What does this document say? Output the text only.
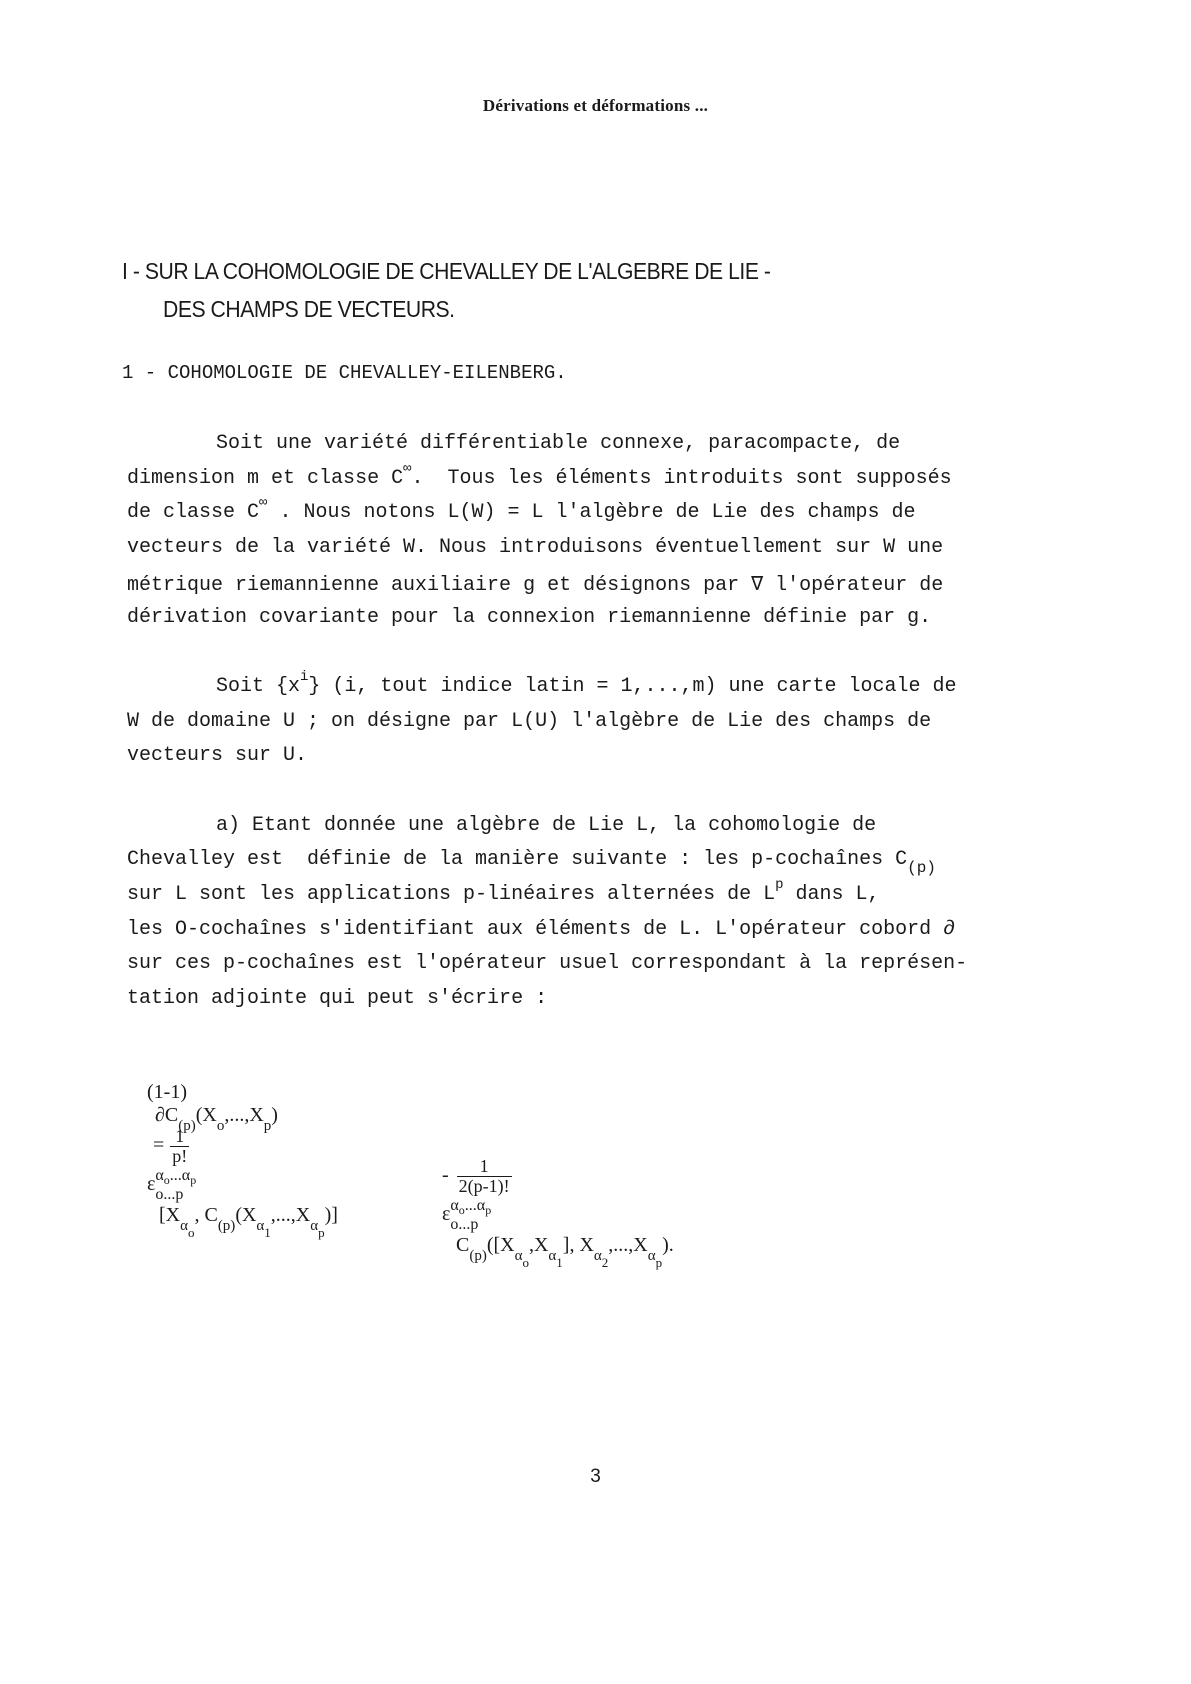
Dérivations et déformations ...
I - SUR LA COHOMOLOGIE DE CHEVALLEY DE L'ALGEBRE DE LIE -
DES CHAMPS DE VECTEURS.
1 - COHOMOLOGIE DE CHEVALLEY-EILENBERG.
Soit une variété différentiable connexe, paracompacte, de
dimension m et classe C∞.  Tous les éléments introduits sont supposés
de classe C∞ . Nous notons L(W) = L l'algèbre de Lie des champs de
vecteurs de la variété W. Nous introduisons éventuellement sur W une
métrique riemannienne auxiliaire g et désignons par ∇ l'opérateur de
dérivation covariante pour la connexion riemannienne définie par g.
Soit $\{x^i\}$ (i, tout indice latin = 1,...,m) une carte locale de
W de domaine U ; on désigne par L(U) l'algèbre de Lie des champs de
vecteurs sur U.
a) Etant donnée une algèbre de Lie L, la cohomologie de
Chevalley est  définie de la manière suivante : les p-cochaînes $C_{(p)}$
sur L sont les applications p-linéaires alternées de $L^p$ dans L,
les O-cochaînes s'identifiant aux éléments de L. L'opérateur cobord ∂
sur ces p-cochaînes est l'opérateur usuel correspondant à la représen-
tation adjointe qui peut s'écrire :

(1-1)
$\partial C_{(p)}(X_o,...,X_p)$
= $\frac{1}{p!}$

ε $\alpha_o...\alpha_p$
o...p

[$X_{\alpha o}$, $C_{(p)}(X_{\alpha 1},...,X_{\alpha p})$]

- $\frac{1}{2(p-1)!}$

ε $\alpha_o...\alpha_p$
o...p

$C_{(p)}([X_{\alpha o},X_{\alpha 1}]$, $X_{\alpha 2},...,X_{\alpha p}$).

3
